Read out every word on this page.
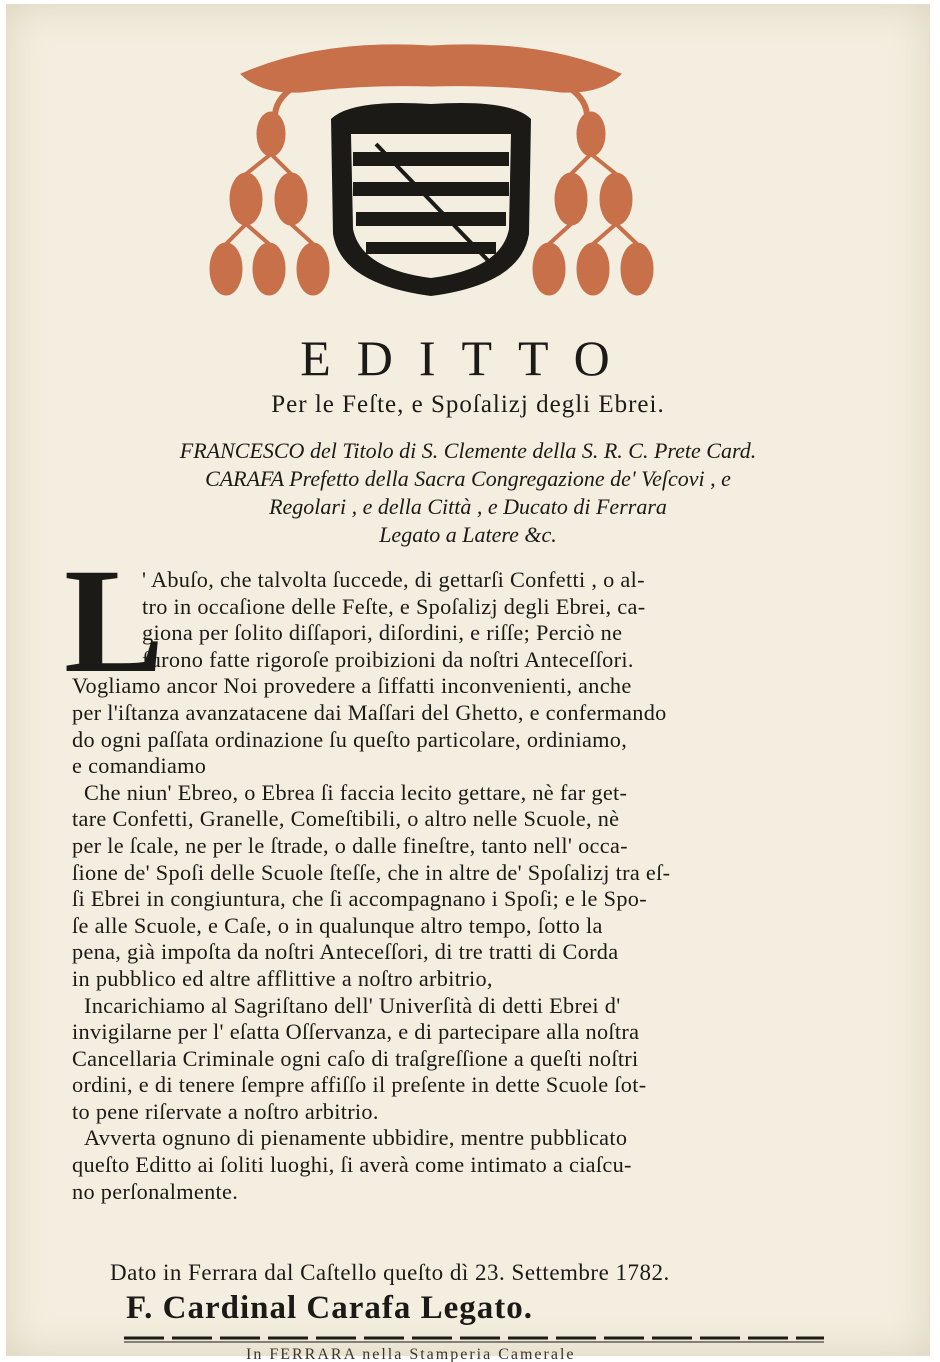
EDITTO
Per le Feſte, e Spoſalizj degli Ebrei.
FRANCESCO del Titolo di S. Clemente della S. R. C. Prete Card.
CARAFA Prefetto della Sacra Congregazione de' Veſcovi , e
Regolari , e della Città , e Ducato di Ferrara
Legato a Latere &c.
L
' Abuſo, che talvolta ſuccede, di gettarſi Confetti , o al-
tro in occaſione delle Feſte, e Spoſalizj degli Ebrei, ca-
giona per ſolito diſſapori, diſordini, e riſſe; Perciò ne
furono fatte rigoroſe proibizioni da noſtri Anteceſſori.
Vogliamo ancor Noi provedere a ſiffatti inconvenienti, anche
per l'iſtanza avanzatacene dai Maſſari del Ghetto, e confermando
do ogni paſſata ordinazione ſu queſto particolare, ordiniamo,
e comandiamo
Che niun' Ebreo, o Ebrea ſi faccia lecito gettare, nè far get-
tare Confetti, Granelle, Comeſtibili, o altro nelle Scuole, nè
per le ſcale, ne per le ſtrade, o dalle fineſtre, tanto nell' occa-
ſione de' Spoſi delle Scuole ſteſſe, che in altre de' Spoſalizj tra eſ-
ſi Ebrei in congiuntura, che ſi accompagnano i Spoſi; e le Spo-
ſe alle Scuole, e Caſe, o in qualunque altro tempo, ſotto la
pena, già impoſta da noſtri Anteceſſori, di tre tratti di Corda
in pubblico ed altre afflittive a noſtro arbitrio,
Incarichiamo al Sagriſtano dell' Univerſità di detti Ebrei d'
invigilarne per l' eſatta Oſſervanza, e di partecipare alla noſtra
Cancellaria Criminale ogni caſo di traſgreſſione a queſti noſtri
ordini, e di tenere ſempre affiſſo il preſente in dette Scuole ſot-
to pene riſervate a noſtro arbitrio.
Avverta ognuno di pienamente ubbidire, mentre pubblicato
queſto Editto ai ſoliti luoghi, ſi averà come intimato a ciaſcu-
no perſonalmente.
Dato in Ferrara dal Caſtello queſto dì 23. Settembre 1782.
F. Cardinal Carafa Legato.
In FERRARA nella Stamperia Camerale
